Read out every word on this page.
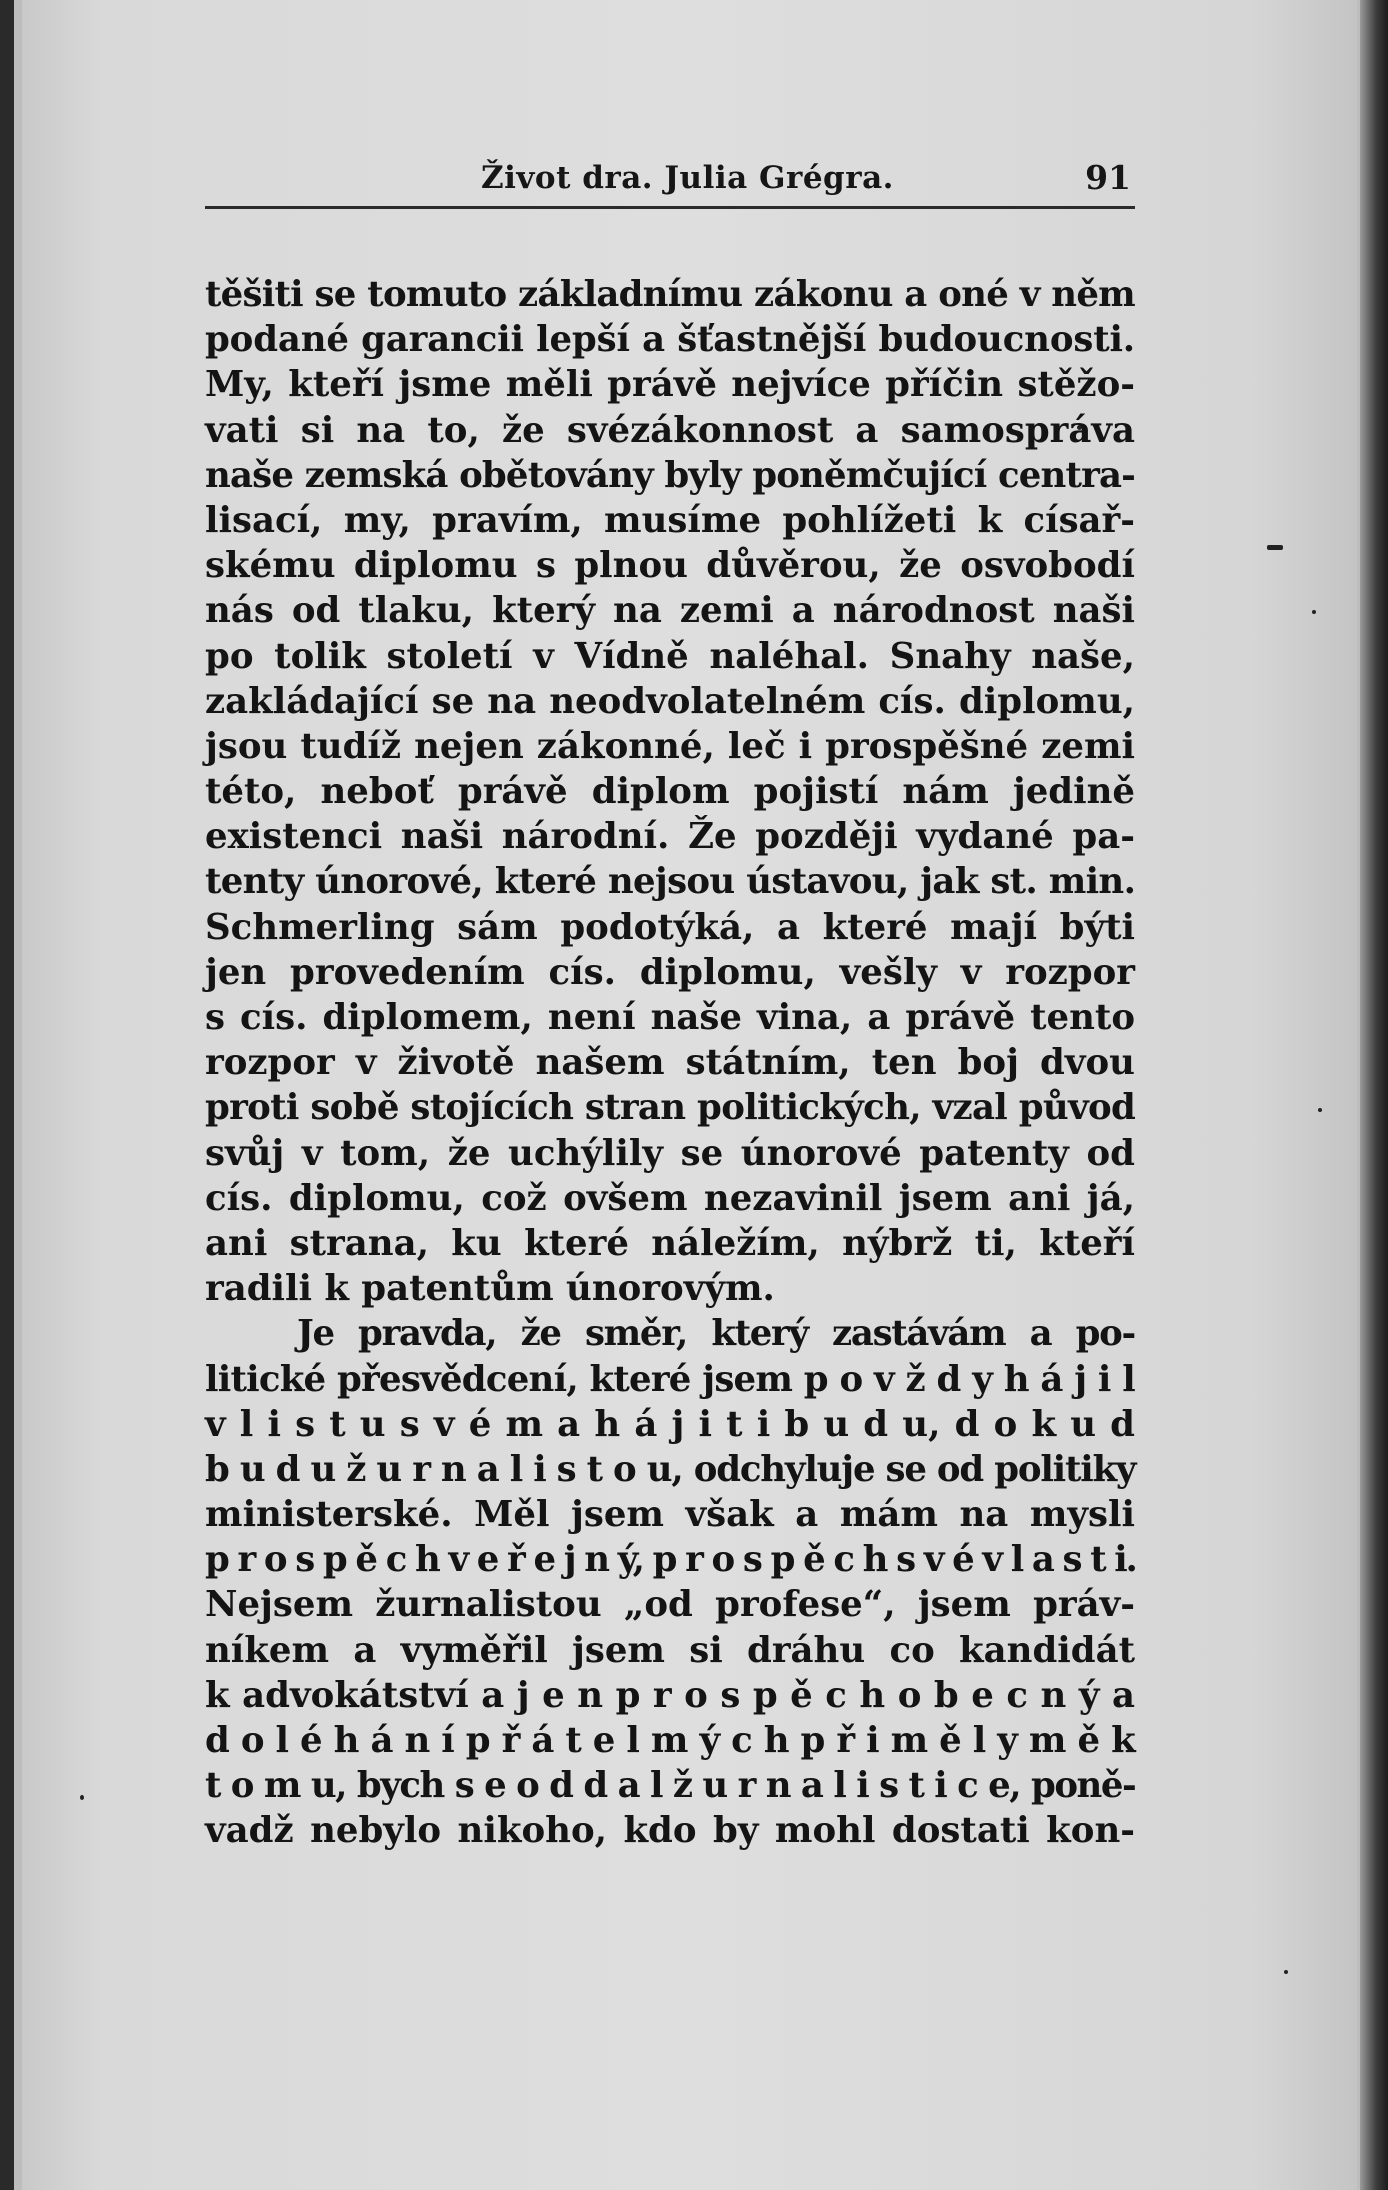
Život dra. Julia Grégra.	91
těšiti se tomuto základnímu zákonu a oné v něm
podané garancii lepší a šťastnější budoucnosti.
My, kteří jsme měli právě nejvíce příčin stěžo-
vati si na to, že svézákonnost a samospráva
naše zemská obětovány byly poněmčující centra-
lisací, my, pravím, musíme pohlížeti k císař-
skému diplomu s plnou důvěrou, že osvobodí
nás od tlaku, který na zemi a národnost naši
po tolik století v Vídně naléhal. Snahy naše,
zakládající se na neodvolatelném cís. diplomu,
jsou tudíž nejen zákonné, leč i prospěšné zemi
této, neboť právě diplom pojistí nám jedině
existenci naši národní. Že později vydané pa-
tenty únorové, které nejsou ústavou, jak st. min.
Schmerling sám podotýká, a které mají býti
jen provedením cís. diplomu, vešly v rozpor
s cís. diplomem, není naše vina, a právě tento
rozpor v životě našem státním, ten boj dvou
proti sobě stojících stran politických, vzal původ
svůj v tom, že uchýlily se únorové patenty od
cís. diplomu, což ovšem nezavinil jsem ani já,
ani strana, ku které náležím, nýbrž ti, kteří
radili k patentům únorovým.
Je pravda, že směr, který zastávám a po-
litické přesvědcení, které jsem p o v ž d y h á j i l
v l i s t u s v é m a h á j i t i b u d u, d o k u d
b u d u ž u r n a l i s t o u, odchyluje se od politiky
ministerské. Měl jsem však a mám na mysli
p r o s p ě c h v e ř e j n ý, p r o s p ě c h s v é v l a s t i.
Nejsem žurnalistou „od profese“, jsem práv-
níkem a vyměřil jsem si dráhu co kandidát
k advokátství a j e n p r o s p ě c h o b e c n ý a
d o l é h á n í p ř á t e l m ý c h p ř i m ě l y m ě k
t o m u, bych s e o d d a l ž u r n a l i s t i c e, poně-
vadž nebylo nikoho, kdo by mohl dostati kon-
